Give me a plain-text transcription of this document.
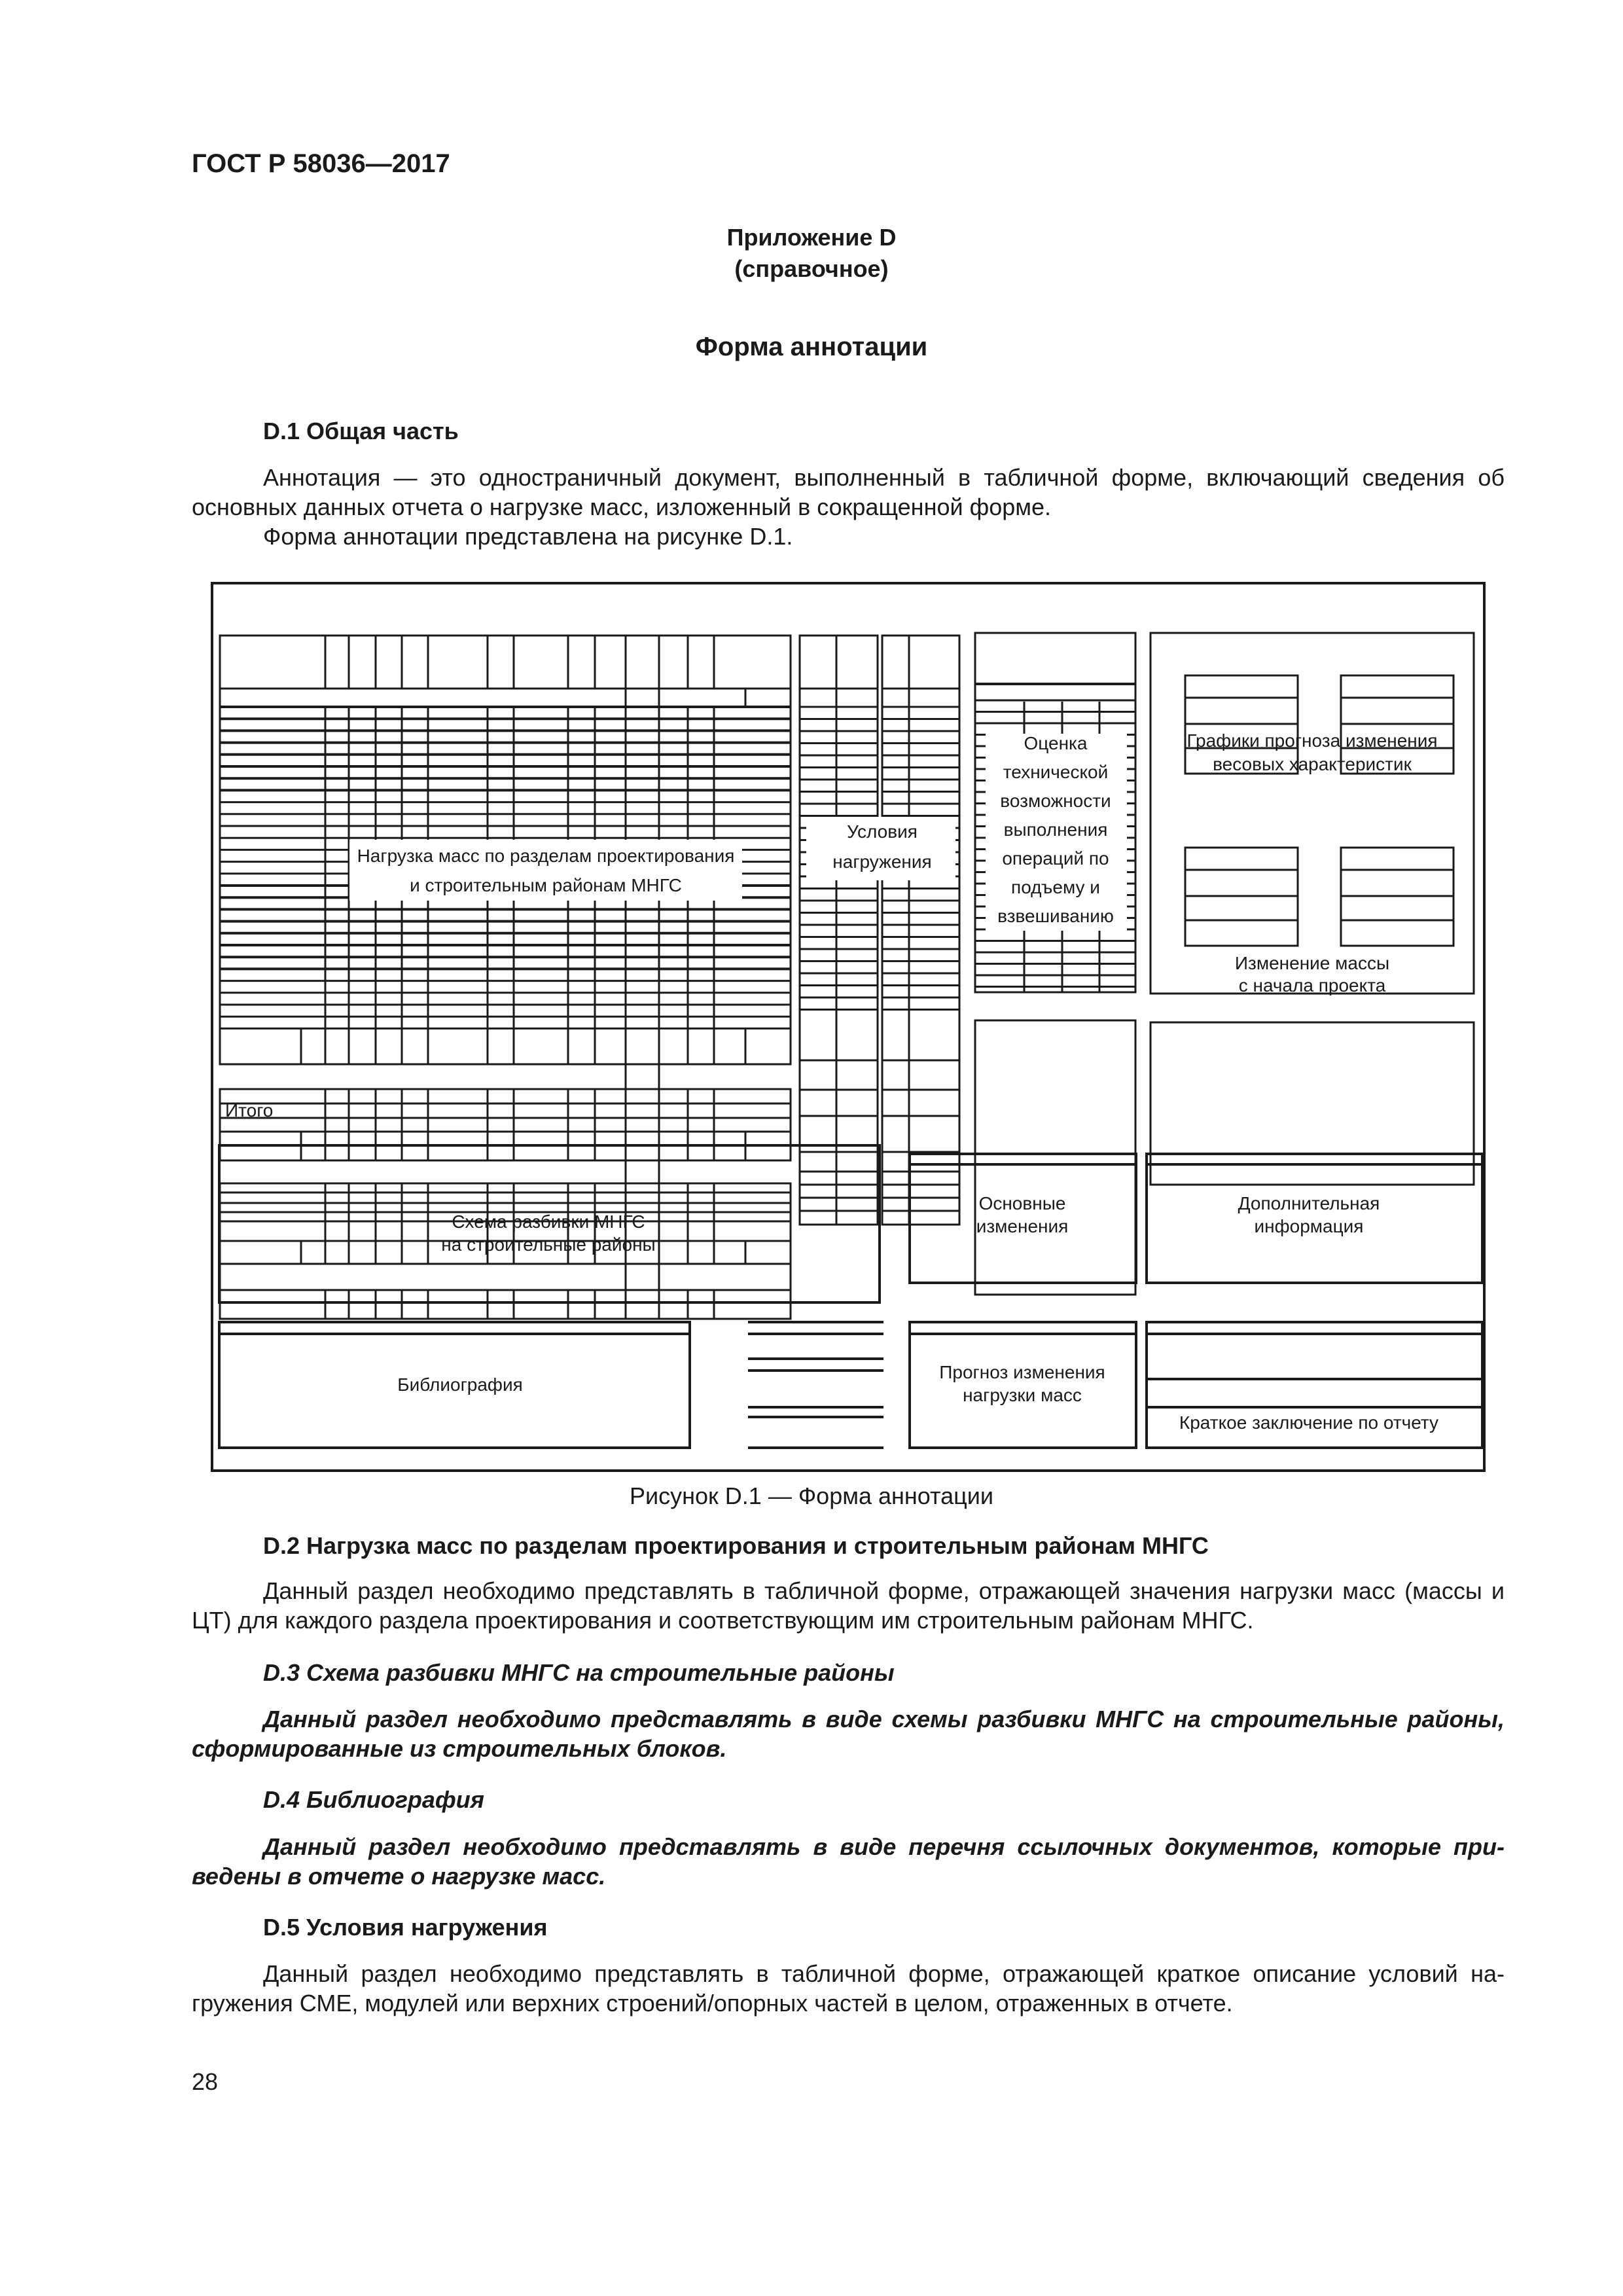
ГОСТ Р 58036—2017
Приложение D
(справочное)
Форма аннотации
D.1 Общая часть
Аннотация — это одностраничный документ, выполненный в табличной форме, включающий сведения об основных данных отчета о нагрузке масс, изложенный в сокращенной форме.
Форма аннотации представлена на рисунке D.1.
Нагрузка масс по разделам проектирования
и строительным районам МНГС
Условия
нагружения
Оценка
технической
возможности
выполнения
операций по
подъему и
взвешиванию
Графики прогноза изменения
весовых характеристик
Изменение массы
с начала проекта
Схема разбивки МНГС
на строительные районы
Основные
изменения
Дополнительная
информация
Библиография
Прогноз изменения
нагрузки масс
Краткое заключение по отчету
Итого
Рисунок D.1 — Форма аннотации
D.2 Нагрузка масс по разделам проектирования и строительным районам МНГС
Данный раздел необходимо представлять в табличной форме, отражающей значения нагрузки масс (массы и ЦТ) для каждого раздела проектирования и соответствующим им строительным районам МНГС.
D.3 Схема разбивки МНГС на строительные районы
Данный раздел необходимо представлять в виде схемы разбивки МНГС на строительные районы, сформированные из строительных блоков.
D.4 Библиография
Данный раздел необходимо представлять в виде перечня ссылочных документов, которые приведены в отчете о нагрузке масс.
D.5 Условия нагружения
Данный раздел необходимо представлять в табличной форме, отражающей краткое описание условий нагружения СМЕ, модулей или верхних строений/опорных частей в целом, отраженных в отчете.
28
